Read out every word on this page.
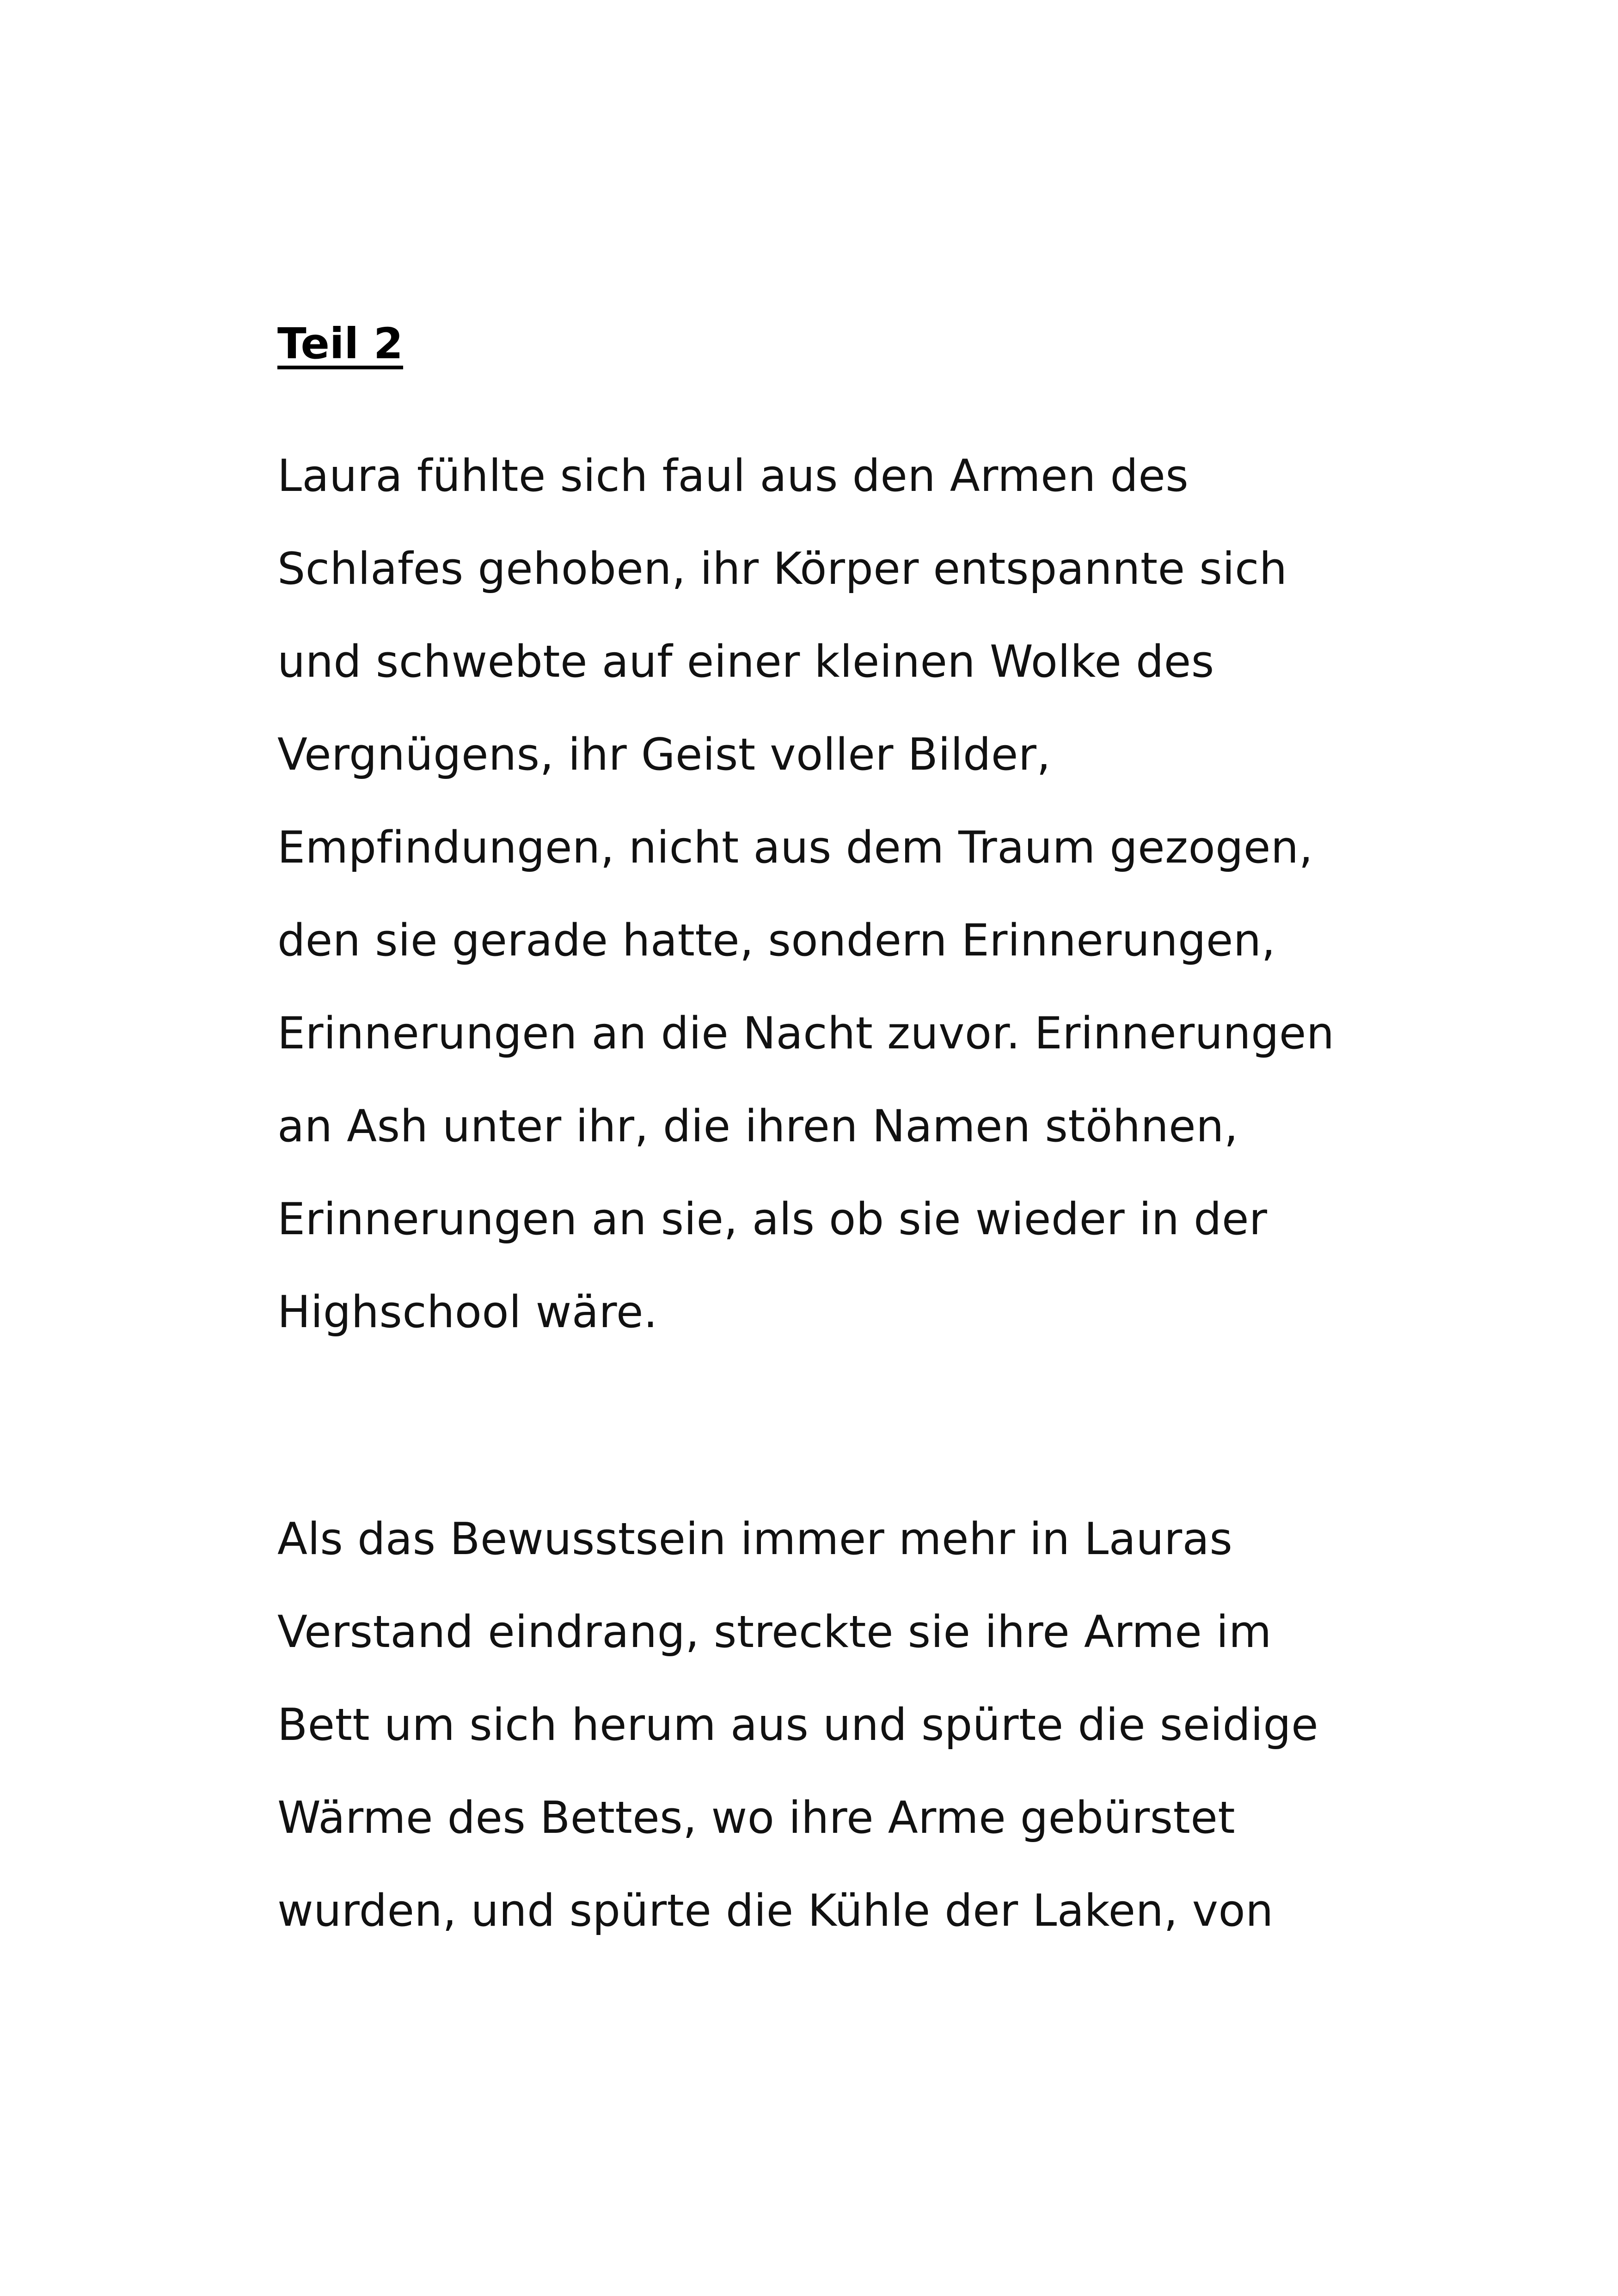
Teil 2
Laura fühlte sich faul aus den Armen des
Schlafes gehoben, ihr Körper entspannte sich
und schwebte auf einer kleinen Wolke des
Vergnügens, ihr Geist voller Bilder,
Empfindungen, nicht aus dem Traum gezogen,
den sie gerade hatte, sondern Erinnerungen,
Erinnerungen an die Nacht zuvor. Erinnerungen
an Ash unter ihr, die ihren Namen stöhnen,
Erinnerungen an sie, als ob sie wieder in der
Highschool wäre.
Als das Bewusstsein immer mehr in Lauras
Verstand eindrang, streckte sie ihre Arme im
Bett um sich herum aus und spürte die seidige
Wärme des Bettes, wo ihre Arme gebürstet
wurden, und spürte die Kühle der Laken, von
